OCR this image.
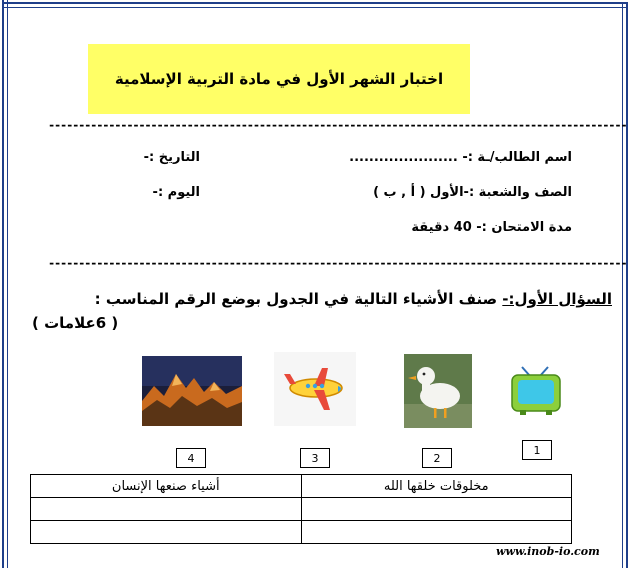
اختبار الشهر الأول في مادة التربية الإسلامية
------------------------------------------------------------------------------------------------
اسم الطالب/ـة :- ......................
التاريخ :-
الصف والشعبة :-الأول ( أ , ب )
اليوم :-
مدة الامتحان :- 40 دقيقة
------------------------------------------------------------------------------------------------
السؤال الأول:- صنف الأشياء التالية في الجدول بوضع الرقم المناسب :
( 6علامات )
4	3	2
1
أشياء صنعها الإنسان	مخلوقات خلقها الله

www.inob-io.com
